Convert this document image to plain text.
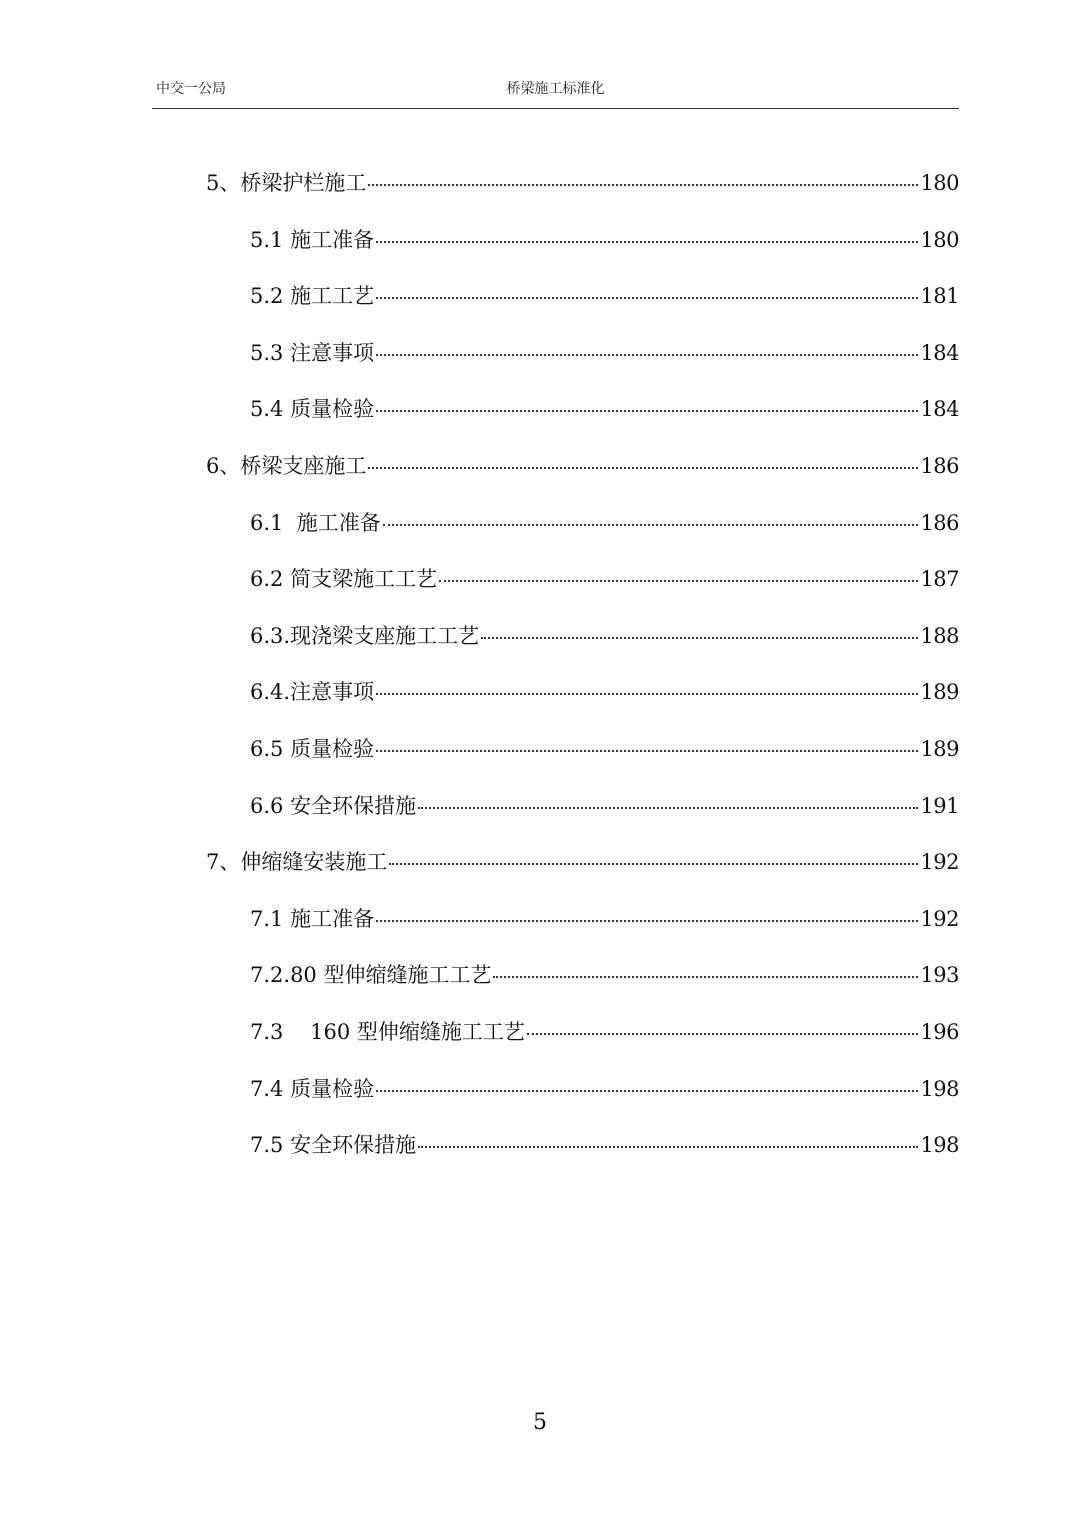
中交一公局	桥梁施工标准化
5、桥梁护栏施工	180
5.1 施工准备	180
5.2 施工工艺	181
5.3 注意事项	184
5.4 质量检验	184
6、桥梁支座施工	186
6.1  施工准备	186
6.2 简支梁施工工艺	187
6.3.现浇梁支座施工工艺	188
6.4.注意事项	189
6.5 质量检验	189
6.6 安全环保措施	191
7、伸缩缝安装施工	192
7.1 施工准备	192
7.2.80 型伸缩缝施工工艺	193
7.3    160 型伸缩缝施工工艺	196
7.4 质量检验	198
7.5 安全环保措施	198
5
